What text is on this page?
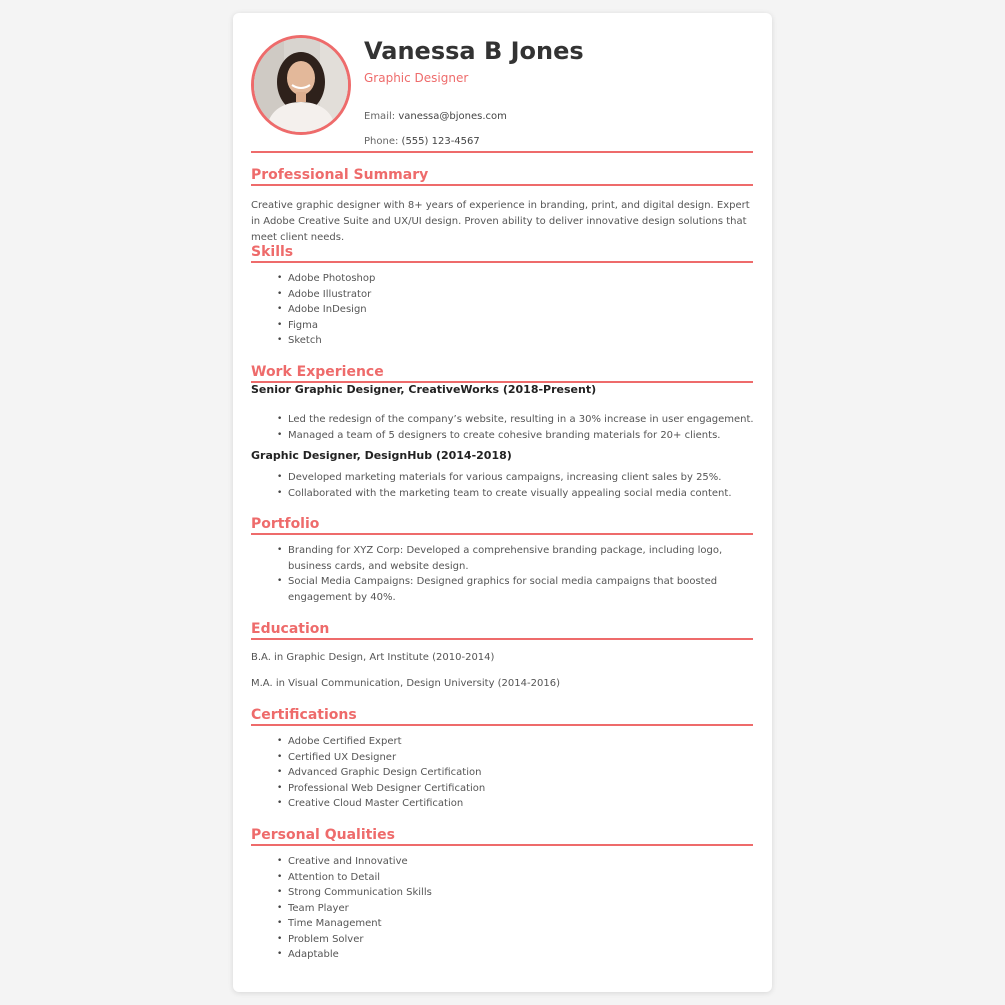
Vanessa B Jones
Graphic Designer
Email: vanessa@bjones.com
Phone: (555) 123-4567
Professional Summary
Creative graphic designer with 8+ years of experience in branding, print, and digital design. Expert in Adobe Creative Suite and UX/UI design. Proven ability to deliver innovative design solutions that meet client needs.
Skills
• Adobe Photoshop
• Adobe Illustrator
• Adobe InDesign
• Figma
• Sketch
Work Experience
Senior Graphic Designer, CreativeWorks (2018-Present)
• Led the redesign of the company’s website, resulting in a 30% increase in user engagement.
• Managed a team of 5 designers to create cohesive branding materials for 20+ clients.
Graphic Designer, DesignHub (2014-2018)
• Developed marketing materials for various campaigns, increasing client sales by 25%.
• Collaborated with the marketing team to create visually appealing social media content.
Portfolio
• Branding for XYZ Corp: Developed a comprehensive branding package, including logo, business cards, and website design.
• Social Media Campaigns: Designed graphics for social media campaigns that boosted engagement by 40%.
Education
B.A. in Graphic Design, Art Institute (2010-2014)
M.A. in Visual Communication, Design University (2014-2016)
Certifications
• Adobe Certified Expert
• Certified UX Designer
• Advanced Graphic Design Certification
• Professional Web Designer Certification
• Creative Cloud Master Certification
Personal Qualities
• Creative and Innovative
• Attention to Detail
• Strong Communication Skills
• Team Player
• Time Management
• Problem Solver
• Adaptable
